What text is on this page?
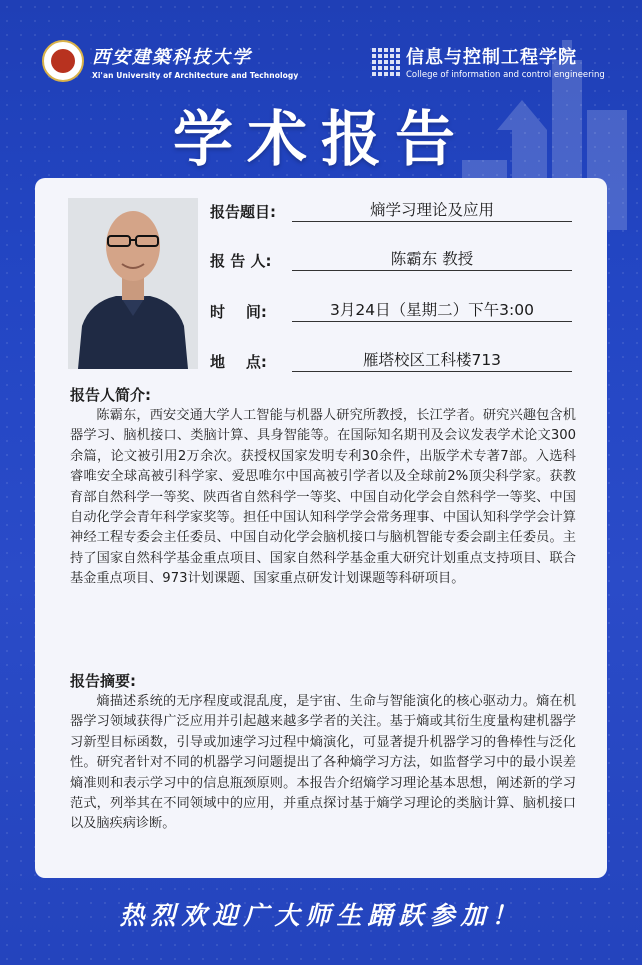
西安建築科技大学
Xi'an University of Architecture and Technology
信息与控制工程学院
College of information and control engineering
学术报告
报告题目:	熵学习理论及应用
报 告 人:	陈霸东 教授
时    间:	3月24日（星期二）下午3:00
地    点:	雁塔校区工科楼713
报告人简介:
陈霸东，西安交通大学人工智能与机器人研究所教授，长江学者。研究兴趣包含机器学习、脑机接口、类脑计算、具身智能等。在国际知名期刊及会议发表学术论文300余篇，论文被引用2万余次。获授权国家发明专利30余件，出版学术专著7部。入选科睿唯安全球高被引科学家、爱思唯尔中国高被引学者以及全球前2%顶尖科学家。获教育部自然科学一等奖、陕西省自然科学一等奖、中国自动化学会自然科学一等奖、中国自动化学会青年科学家奖等。担任中国认知科学学会常务理事、中国认知科学学会计算神经工程专委会主任委员、中国自动化学会脑机接口与脑机智能专委会副主任委员。主持了国家自然科学基金重点项目、国家自然科学基金重大研究计划重点支持项目、联合基金重点项目、973计划课题、国家重点研发计划课题等科研项目。
报告摘要:
熵描述系统的无序程度或混乱度，是宇宙、生命与智能演化的核心驱动力。熵在机器学习领域获得广泛应用并引起越来越多学者的关注。基于熵或其衍生度量构建机器学习新型目标函数，引导或加速学习过程中熵演化，可显著提升机器学习的鲁棒性与泛化性。研究者针对不同的机器学习问题提出了各种熵学习方法，如监督学习中的最小误差熵准则和表示学习中的信息瓶颈原则。本报告介绍熵学习理论基本思想，阐述新的学习范式，列举其在不同领域中的应用，并重点探讨基于熵学习理论的类脑计算、脑机接口以及脑疾病诊断。
热烈欢迎广大师生踊跃参加！
